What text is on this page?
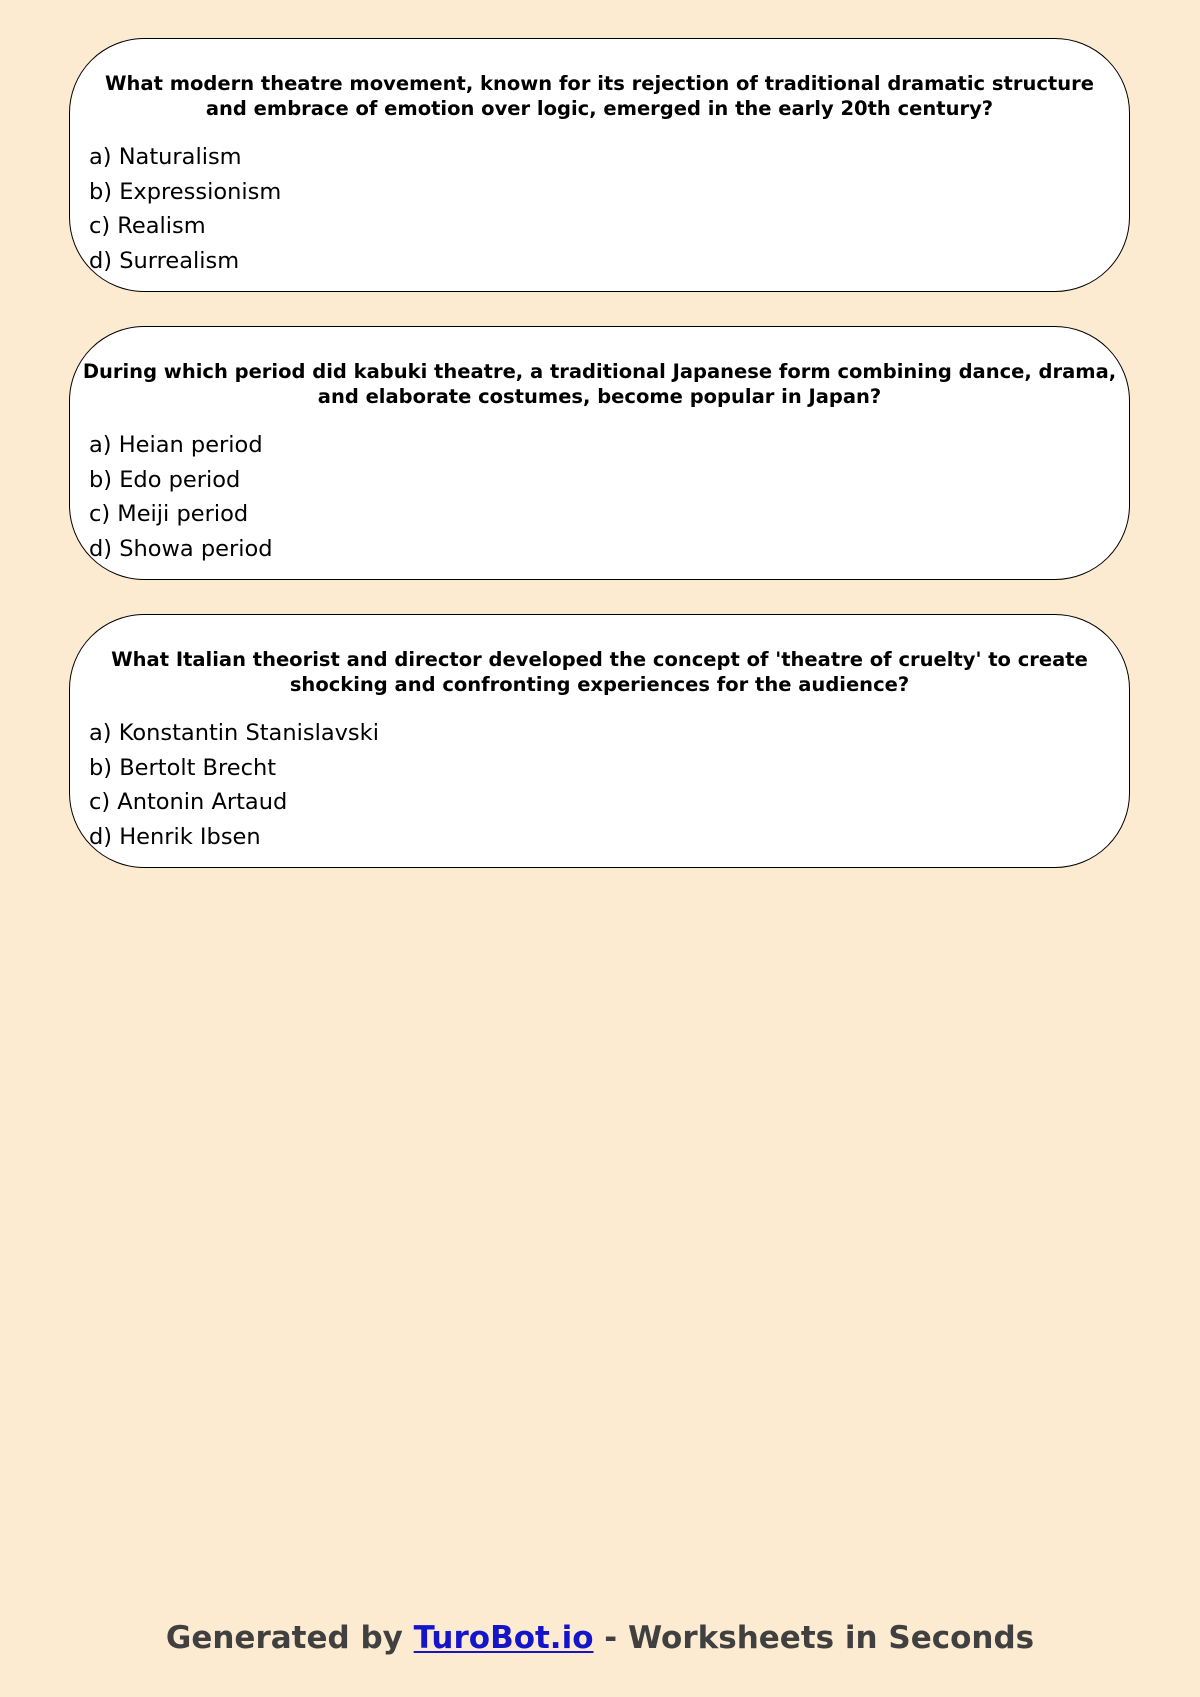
What modern theatre movement, known for its rejection of traditional dramatic structure and embrace of emotion over logic, emerged in the early 20th century?

a) Naturalism
b) Expressionism
c) Realism
d) Surrealism

During which period did kabuki theatre, a traditional Japanese form combining dance, drama, and elaborate costumes, become popular in Japan?

a) Heian period
b) Edo period
c) Meiji period
d) Showa period

What Italian theorist and director developed the concept of 'theatre of cruelty' to create shocking and confronting experiences for the audience?

a) Konstantin Stanislavski
b) Bertolt Brecht
c) Antonin Artaud
d) Henrik Ibsen
Generated by TuroBot.io - Worksheets in Seconds
